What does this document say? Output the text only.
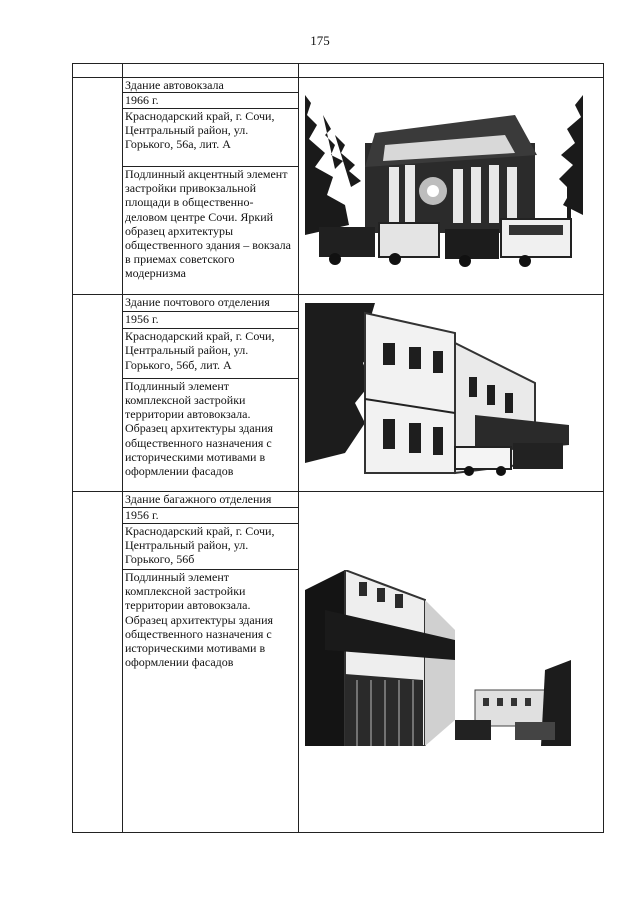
175

	Здание автовокзала	

	1966 г.	
	Краснодарский край, г. Сочи,
Центральный район, ул. Горького, 56а, лит. А	
	Подлинный акцентный элемент застройки привокзальной площади в общественно- деловом центре Сочи. Яркий образец архитектуры общественного здания – вокзала в приемах советского модернизма	
	Здание почтового отделения	

	1956 г.	
	Краснодарский край, г. Сочи,
Центральный район, ул. Горького, 56б, лит. А	
	Подлинный элемент комплексной застройки территории автовокзала. Образец архитектуры здания общественного назначения с историческими мотивами в оформлении фасадов	
	Здание багажного отделения	

	1956 г.	
	Краснодарский край, г. Сочи,
Центральный район, ул. Горького, 56б	
	Подлинный элемент комплексной застройки территории автовокзала. Образец архитектуры здания общественного назначения с историческими мотивами в оформлении фасадов	
